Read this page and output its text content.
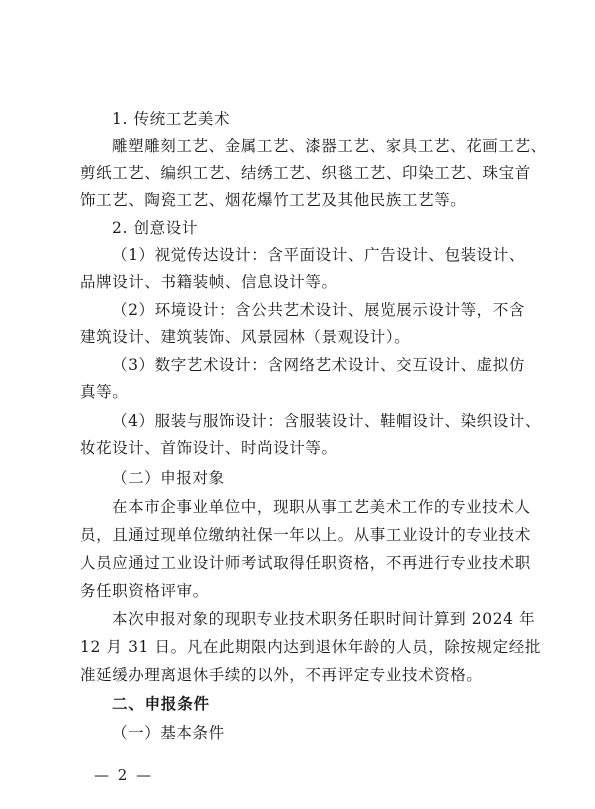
1. 传统工艺美术
雕塑雕刻工艺、金属工艺、漆器工艺、家具工艺、花画工艺、
剪纸工艺、编织工艺、结绣工艺、织毯工艺、印染工艺、珠宝首
饰工艺、陶瓷工艺、烟花爆竹工艺及其他民族工艺等。
2. 创意设计
（1）视觉传达设计：含平面设计、广告设计、包装设计、
品牌设计、书籍装帧、信息设计等。
（2）环境设计：含公共艺术设计、展览展示设计等，不含
建筑设计、建筑装饰、风景园林（景观设计）。
（3）数字艺术设计：含网络艺术设计、交互设计、虚拟仿
真等。
（4）服装与服饰设计：含服装设计、鞋帽设计、染织设计、
妆花设计、首饰设计、时尚设计等。
（二）申报对象
在本市企事业单位中，现职从事工艺美术工作的专业技术人
员，且通过现单位缴纳社保一年以上。从事工业设计的专业技术
人员应通过工业设计师考试取得任职资格，不再进行专业技术职
务任职资格评审。
本次申报对象的现职专业技术职务任职时间计算到 2024 年
12 月 31 日。凡在此期限内达到退休年龄的人员，除按规定经批
准延缓办理离退休手续的以外，不再评定专业技术资格。
二、申报条件
（一）基本条件
— 2 —
